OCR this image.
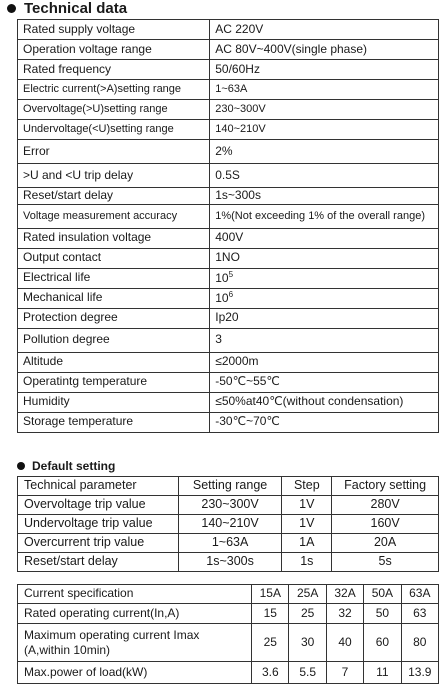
Technical data
Rated supply voltage	AC 220V
Operation voltage range	AC 80V~400V(single phase)
Rated frequency	50/60Hz
Electric current(>A)setting range	1~63A
Overvoltage(>U)setting range	230~300V
Undervoltage(<U)setting range	140~210V
Error	2%
>U and <U trip delay	0.5S
Reset/start delay	1s~300s
Voltage measurement accuracy	1%(Not exceeding 1% of the overall range)
Rated insulation voltage	400V
Output contact	1NO
Electrical life	$10^5$
Mechanical life	$10^6$
Protection degree	Ip20
Pollution degree	3
Altitude	≤2000m
Operatintg temperature	-50℃~55℃
Humidity	≤50%at40℃(without condensation)
Storage temperature	-30℃~70℃
Default setting
Technical parameter	Setting range	Step	Factory setting
Overvoltage trip value	230~300V	1V	280V
Undervoltage trip value	140~210V	1V	160V
Overcurrent trip value	1~63A	1A	20A
Reset/start delay	1s~300s	1s	5s
Current specification	15A	25A	32A	50A	63A
Rated operating current(In,A)	15	25	32	50	63
Maximum operating current Imax (A,within 10min)	25	30	40	60	80
Max.power of load(kW)	3.6	5.5	7	11	13.9
